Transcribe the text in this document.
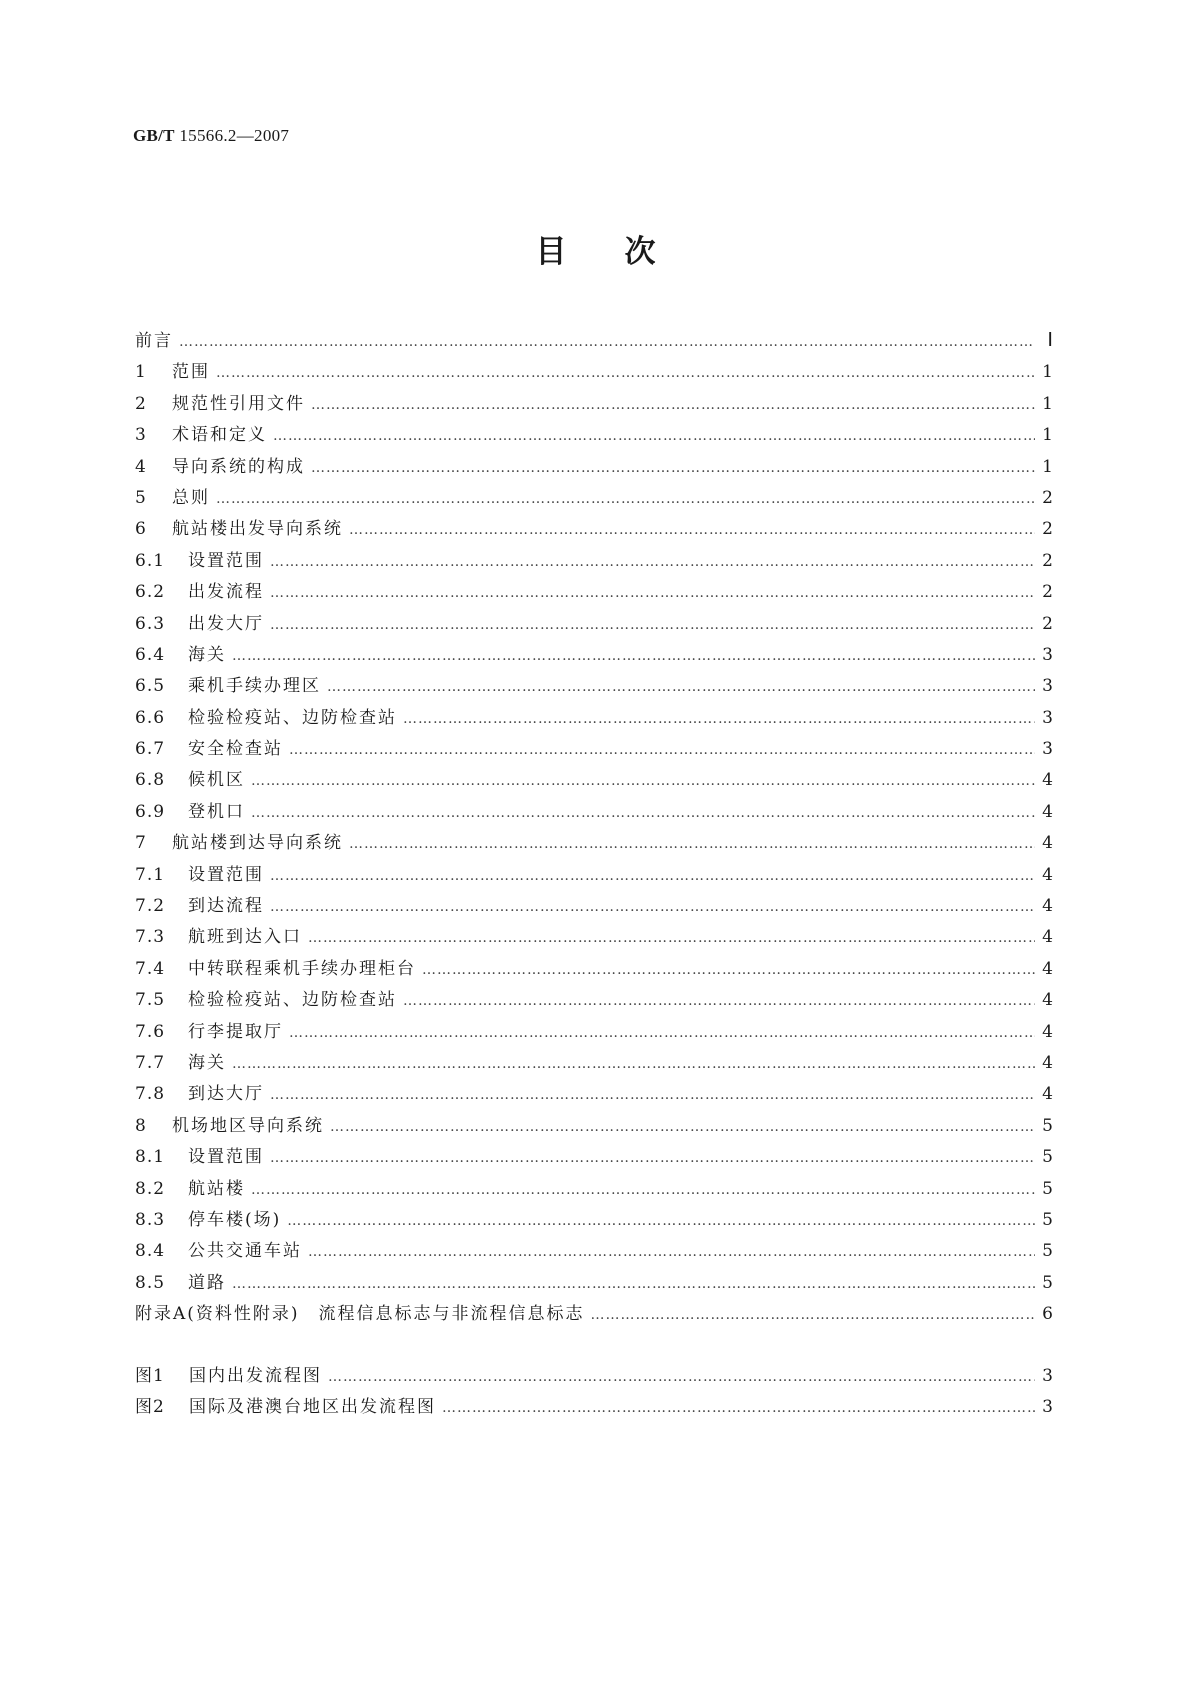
GB/T 15566.2—2007
目次
前言 …………………………………………………………………………………………………………………………………………………………………………………	Ⅰ
1	范围 …………………………………………………………………………………………………………………………………………………………………………………	1
2	规范性引用文件 …………………………………………………………………………………………………………………………………………………………………………………	1
3	术语和定义 …………………………………………………………………………………………………………………………………………………………………………………	1
4	导向系统的构成 …………………………………………………………………………………………………………………………………………………………………………………	1
5	总则 …………………………………………………………………………………………………………………………………………………………………………………	2
6	航站楼出发导向系统 …………………………………………………………………………………………………………………………………………………………………………………	2
6.1	设置范围 …………………………………………………………………………………………………………………………………………………………………………………	2
6.2	出发流程 …………………………………………………………………………………………………………………………………………………………………………………	2
6.3	出发大厅 …………………………………………………………………………………………………………………………………………………………………………………	2
6.4	海关 …………………………………………………………………………………………………………………………………………………………………………………	3
6.5	乘机手续办理区 …………………………………………………………………………………………………………………………………………………………………………………	3
6.6	检验检疫站、边防检查站 …………………………………………………………………………………………………………………………………………………………………………………	3
6.7	安全检查站 …………………………………………………………………………………………………………………………………………………………………………………	3
6.8	候机区 …………………………………………………………………………………………………………………………………………………………………………………	4
6.9	登机口 …………………………………………………………………………………………………………………………………………………………………………………	4
7	航站楼到达导向系统 …………………………………………………………………………………………………………………………………………………………………………………	4
7.1	设置范围 …………………………………………………………………………………………………………………………………………………………………………………	4
7.2	到达流程 …………………………………………………………………………………………………………………………………………………………………………………	4
7.3	航班到达入口 …………………………………………………………………………………………………………………………………………………………………………………	4
7.4	中转联程乘机手续办理柜台 …………………………………………………………………………………………………………………………………………………………………………………	4
7.5	检验检疫站、边防检查站 …………………………………………………………………………………………………………………………………………………………………………………	4
7.6	行李提取厅 …………………………………………………………………………………………………………………………………………………………………………………	4
7.7	海关 …………………………………………………………………………………………………………………………………………………………………………………	4
7.8	到达大厅 …………………………………………………………………………………………………………………………………………………………………………………	4
8	机场地区导向系统 …………………………………………………………………………………………………………………………………………………………………………………	5
8.1	设置范围 …………………………………………………………………………………………………………………………………………………………………………………	5
8.2	航站楼 …………………………………………………………………………………………………………………………………………………………………………………	5
8.3	停车楼(场) …………………………………………………………………………………………………………………………………………………………………………………	5
8.4	公共交通车站 …………………………………………………………………………………………………………………………………………………………………………………	5
8.5	道路 …………………………………………………………………………………………………………………………………………………………………………………	5
附录A(资料性附录)　流程信息标志与非流程信息标志 …………………………………………………………………………………………………………………………………………………………………………………	6
图1	国内出发流程图 …………………………………………………………………………………………………………………………………………………………………………………	3
图2	国际及港澳台地区出发流程图 …………………………………………………………………………………………………………………………………………………………………………………	3
